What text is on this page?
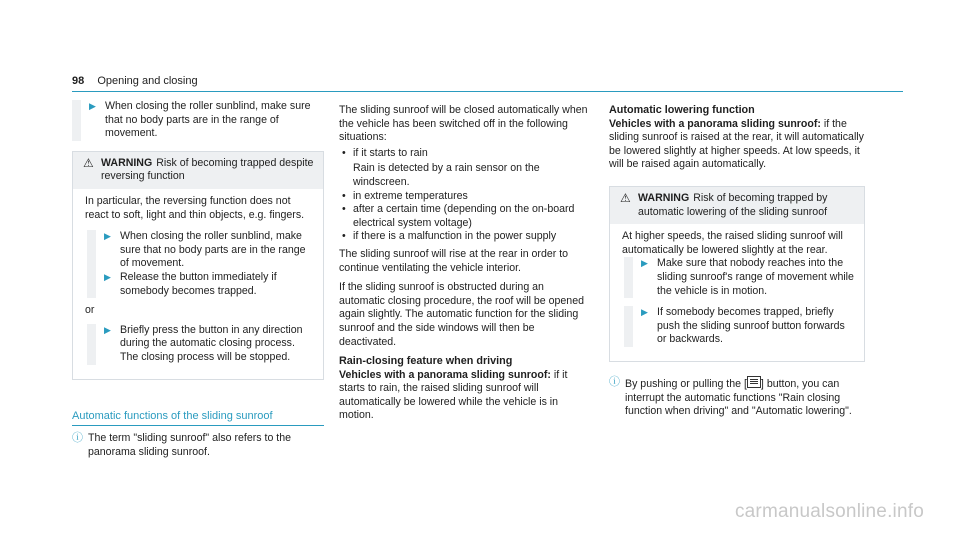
98 Opening and closing
▶ When closing the roller sunblind, make sure that no body parts are in the range of movement.
⚠ WARNING Risk of becoming trapped despite reversing function

In particular, the reversing function does not react to soft, light and thin objects, e.g. fingers.

▶ When closing the roller sunblind, make sure that no body parts are in the range of movement.
▶ Release the button immediately if somebody becomes trapped.
or
▶ Briefly press the button in any direction during the automatic closing process. The closing process will be stopped.
Automatic functions of the sliding sunroof
ⓘ The term "sliding sunroof" also refers to the panorama sliding sunroof.

The sliding sunroof will be closed automatically when the vehicle has been switched off in the following situations:

• if it starts to rain
Rain is detected by a rain sensor on the windscreen.
• in extreme temperatures
• after a certain time (depending on the on-board electrical system voltage)
• if there is a malfunction in the power supply

The sliding sunroof will rise at the rear in order to continue ventilating the vehicle interior.

If the sliding sunroof is obstructed during an automatic closing procedure, the roof will be opened again slightly. The automatic function for the sliding sunroof and the side windows will then be deactivated.

Rain-closing feature when driving

Vehicles with a panorama sliding sunroof: if it starts to rain, the raised sliding sunroof will automatically be lowered while the vehicle is in motion.

Automatic lowering function

Vehicles with a panorama sliding sunroof: if the sliding sunroof is raised at the rear, it will automatically be lowered slightly at higher speeds. At low speeds, it will be raised again automatically.

⚠ WARNING Risk of becoming trapped by automatic lowering of the sliding sunroof

At higher speeds, the raised sliding sunroof will automatically be lowered slightly at the rear.

▶ Make sure that nobody reaches into the sliding sunroof's range of movement while the vehicle is in motion.
▶ If somebody becomes trapped, briefly push the sliding sunroof button forwards or backwards.
ⓘ By pushing or pulling the [ ] button, you can interrupt the automatic functions "Rain closing function when driving" and "Automatic lowering".
carmanualsonline.info
